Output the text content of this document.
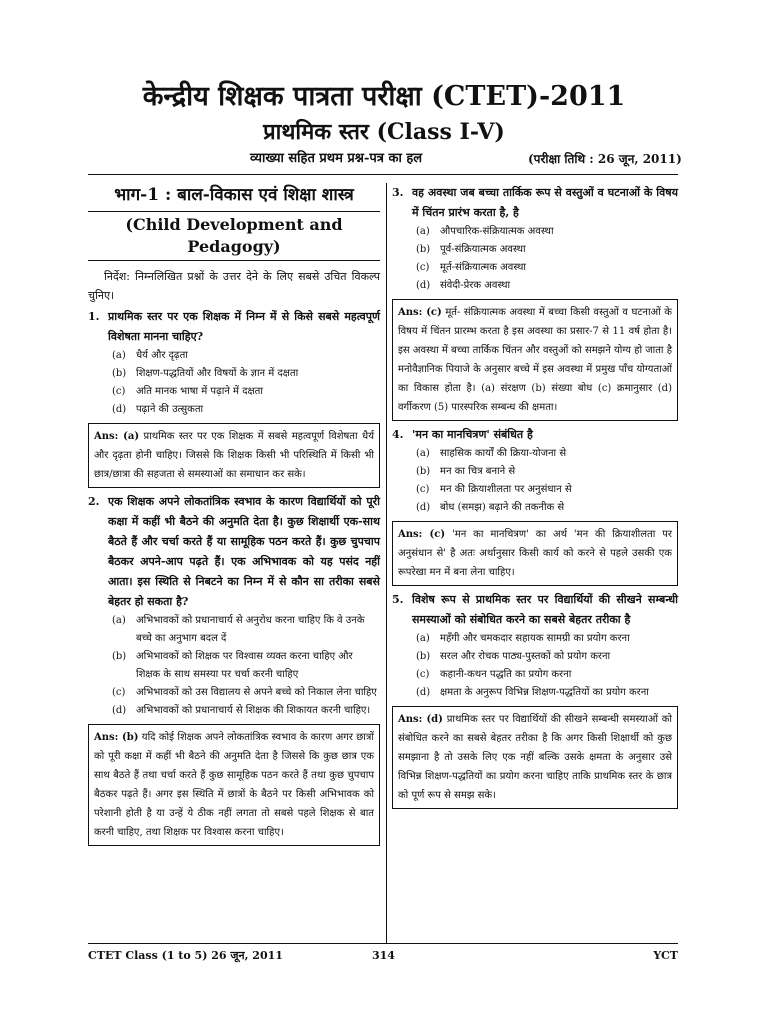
केन्द्रीय शिक्षक पात्रता परीक्षा (CTET)-2011
प्राथमिक स्तर (Class I-V)
व्याख्या सहित प्रथम प्रश्न-पत्र का हल	(परीक्षा तिथि : 26 जून, 2011)
भाग-1 : बाल-विकास एवं शिक्षा शास्त्र
(Child Development and Pedagogy)
निर्देश: निम्नलिखित प्रश्नों के उत्तर देने के लिए सबसे उचित विकल्प चुनिए।
1. प्राथमिक स्तर पर एक शिक्षक में निम्न में से किसे सबसे महत्वपूर्ण विशेषता मानना चाहिए?
(a) धैर्य और दृढ़ता
(b) शिक्षण-पद्धतियों और विषयों के ज्ञान में दक्षता
(c) अति मानक भाषा में पढ़ाने में दक्षता
(d) पढ़ाने की उत्सुकता
Ans: (a) प्राथमिक स्तर पर एक शिक्षक में सबसे महत्वपूर्ण विशेषता धैर्य और दृढ़ता होनी चाहिए। जिससे कि शिक्षक किसी भी परिस्थिति में किसी भी छात्र/छात्रा की सहजता से समस्याओं का समाधान कर सके।
2. एक शिक्षक अपने लोकतांत्रिक स्वभाव के कारण विद्यार्थियों को पूरी कक्षा में कहीं भी बैठने की अनुमति देता है। कुछ शिक्षार्थी एक-साथ बैठते हैं और चर्चा करते हैं या सामूहिक पठन करते हैं। कुछ चुपचाप बैठकर अपने-आप पढ़ते हैं। एक अभिभावक को यह पसंद नहीं आता। इस स्थिति से निबटने का निम्न में से कौन सा तरीका सबसे बेहतर हो सकता है?
(a) अभिभावकों को प्रधानाचार्य से अनुरोध करना चाहिए कि वे उनके बच्चे का अनुभाग बदल दें
(b) अभिभावकों को शिक्षक पर विश्वास व्यक्त करना चाहिए और शिक्षक के साथ समस्या पर चर्चा करनी चाहिए
(c) अभिभावकों को उस विद्यालय से अपने बच्चे को निकाल लेना चाहिए
(d) अभिभावकों को प्रधानाचार्य से शिक्षक की शिकायत करनी चाहिए।
Ans: (b) यदि कोई शिक्षक अपने लोकतांत्रिक स्वभाव के कारण अगर छात्रों को पूरी कक्षा में कहीं भी बैठने की अनुमति देता है जिससे कि कुछ छात्र एक साथ बैठते हैं तथा चर्चा करते हैं कुछ सामूहिक पठन करते हैं तथा कुछ चुपचाप बैठकर पढ़ते हैं। अगर इस स्थिति में छात्रों के बैठने पर किसी अभिभावक को परेशानी होती है या उन्हें ये ठीक नहीं लगता तो सबसे पहले शिक्षक से बात करनी चाहिए, तथा शिक्षक पर विश्वास करना चाहिए।
3. वह अवस्था जब बच्चा तार्किक रूप से वस्तुओं व घटनाओं के विषय में चिंतन प्रारंभ करता है, है
(a) औपचारिक-संक्रियात्मक अवस्था
(b) पूर्व-संक्रियात्मक अवस्था
(c) मूर्त-संक्रियात्मक अवस्था
(d) संवेदी-प्रेरक अवस्था
Ans: (c) मूर्त- संक्रियात्मक अवस्था में बच्चा किसी वस्तुओं व घटनाओं के विषय में चिंतन प्रारम्भ करता है इस अवस्था का प्रसार-7 से 11 वर्ष होता है। इस अवस्था में बच्चा तार्किक चिंतन और वस्तुओं को समझने योग्य हो जाता है मनोवैज्ञानिक पियाजे के अनुसार बच्चे में इस अवस्था में प्रमुख पाँच योग्यताओं का विकास होता है। (a) संरक्षण (b) संख्या बोध (c) क्रमानुसार (d) वर्गीकरण (5) पारस्परिक सम्बन्ध की क्षमता।
4. 'मन का मानचित्रण' संबंधित है
(a) साहसिक कार्यों की क्रिया-योजना से
(b) मन का चित्र बनाने से
(c) मन की क्रियाशीलता पर अनुसंधान से
(d) बोध (समझ) बढ़ाने की तकनीक से
Ans: (c) 'मन का मानचित्रण' का अर्थ 'मन की क्रियाशीलता पर अनुसंधान से' है अतः अर्थानुसार किसी कार्य को करने से पहले उसकी एक रूपरेखा मन में बना लेना चाहिए।
5. विशेष रूप से प्राथमिक स्तर पर विद्यार्थियों की सीखने सम्बन्धी समस्याओं को संबोधित करने का सबसे बेहतर तरीका है
(a) महँगी और चमकदार सहायक सामग्री का प्रयोग करना
(b) सरल और रोचक पाठ्य-पुस्तकों को प्रयोग करना
(c) कहानी-कथन पद्धति का प्रयोग करना
(d) क्षमता के अनुरूप विभिन्न शिक्षण-पद्धतियों का प्रयोग करना
Ans: (d) प्राथमिक स्तर पर विद्यार्थियों की सीखने सम्बन्धी समस्याओं को संबोधित करने का सबसे बेहतर तरीका है कि अगर किसी शिक्षार्थी को कुछ समझाना है तो उसके लिए एक नहीं बल्कि उसके क्षमता के अनुसार उसे विभिन्न शिक्षण-पद्धतियों का प्रयोग करना चाहिए ताकि प्राथमिक स्तर के छात्र को पूर्ण रूप से समझ सके।
CTET Class (1 to 5) 26 जून, 2011	314	YCT
